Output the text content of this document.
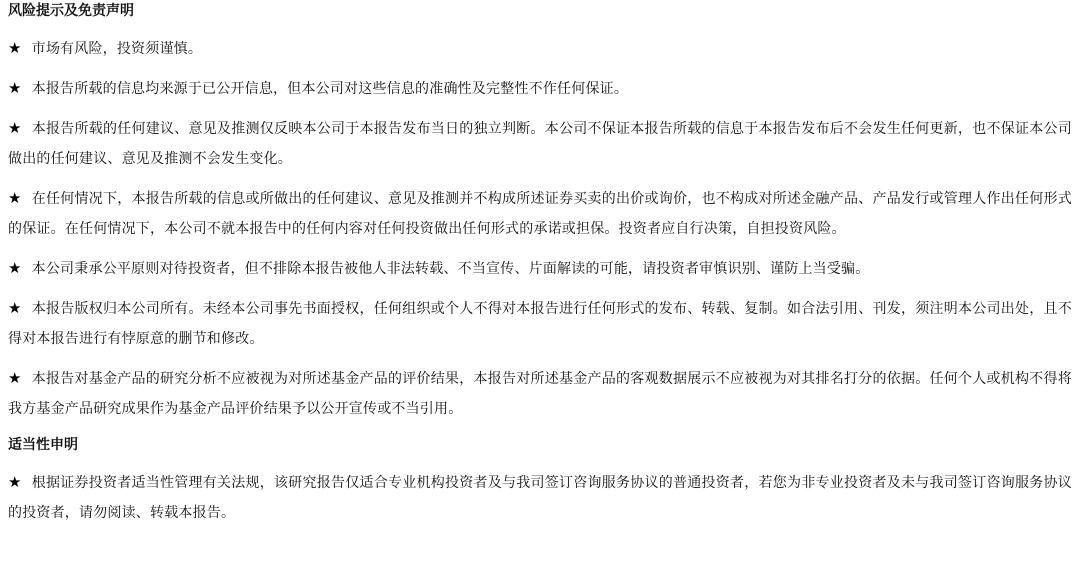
风险提示及免责声明

★ 市场有风险，投资须谨慎。

★ 本报告所载的信息均来源于已公开信息，但本公司对这些信息的准确性及完整性不作任何保证。

★ 本报告所载的任何建议、意见及推测仅反映本公司于本报告发布当日的独立判断。本公司不保证本报告所载的信息于本报告发布后不会发生任何更新，也不保证本公司做出的任何建议、意见及推测不会发生变化。

★ 在任何情况下，本报告所载的信息或所做出的任何建议、意见及推测并不构成所述证券买卖的出价或询价，也不构成对所述金融产品、产品发行或管理人作出任何形式的保证。在任何情况下，本公司不就本报告中的任何内容对任何投资做出任何形式的承诺或担保。投资者应自行决策，自担投资风险。

★ 本公司秉承公平原则对待投资者，但不排除本报告被他人非法转载、不当宣传、片面解读的可能，请投资者审慎识别、谨防上当受骗。

★ 本报告版权归本公司所有。未经本公司事先书面授权，任何组织或个人不得对本报告进行任何形式的发布、转载、复制。如合法引用、刊发，须注明本公司出处，且不得对本报告进行有悖原意的删节和修改。

★ 本报告对基金产品的研究分析不应被视为对所述基金产品的评价结果，本报告对所述基金产品的客观数据展示不应被视为对其排名打分的依据。任何个人或机构不得将我方基金产品研究成果作为基金产品评价结果予以公开宣传或不当引用。

适当性申明

★ 根据证券投资者适当性管理有关法规，该研究报告仅适合专业机构投资者及与我司签订咨询服务协议的普通投资者，若您为非专业投资者及未与我司签订咨询服务协议的投资者，请勿阅读、转载本报告。
